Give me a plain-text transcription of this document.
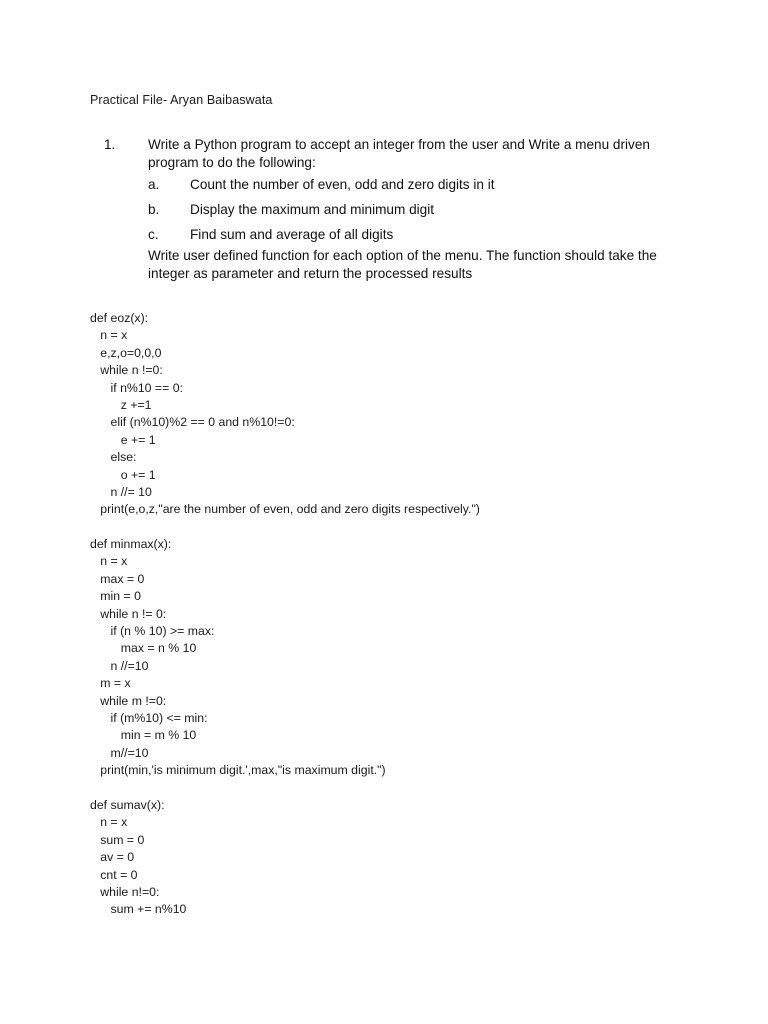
Practical File- Aryan Baibaswata
1. Write a Python program to accept an integer from the user and Write a menu driven program to do the following:

a. Count the number of even, odd and zero digits in it
b. Display the maximum and minimum digit
c. Find sum and average of all digits

Write user defined function for each option of the menu. The function should take the integer as parameter and return the processed results

def eoz(x):
n = x
e,z,o=0,0,0
while n !=0:
if n%10 == 0:
z +=1
elif (n%10)%2 == 0 and n%10!=0:
e += 1
else:
o += 1
n //= 10
print(e,o,z,"are the number of even, odd and zero digits respectively.")
def minmax(x):
n = x
max = 0
min = 0
while n != 0:
if (n % 10) >= max:
max = n % 10
n //=10
m = x
while m !=0:
if (m%10) <= min:
min = m % 10
m//=10
print(min,'is minimum digit.',max,"is maximum digit.")
def sumav(x):
n = x
sum = 0
av = 0
cnt = 0
while n!=0:
sum += n%10
